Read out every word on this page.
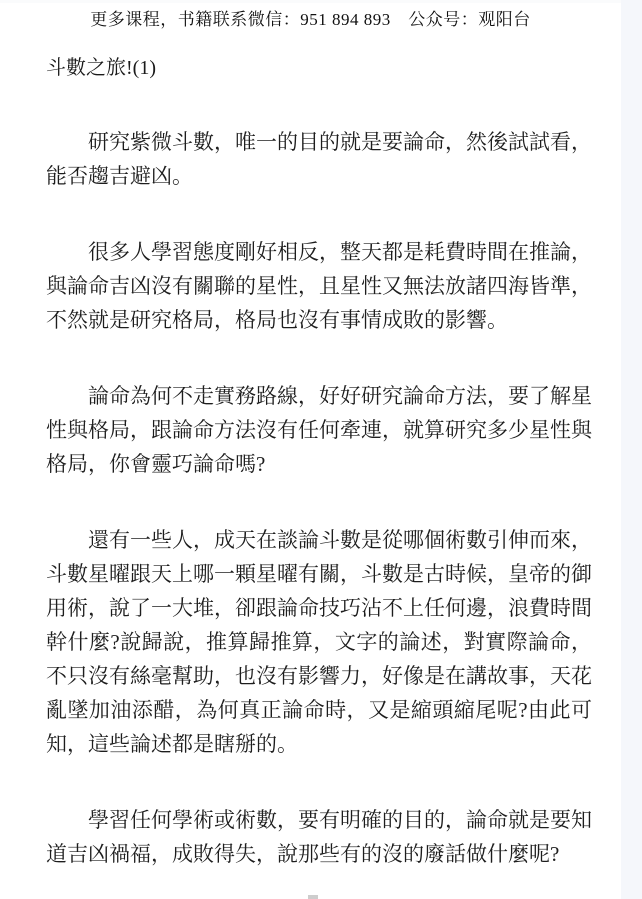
更多课程，书籍联系微信：951 894 893　公众号：观阳台
斗數之旅!(1)

研究紫微斗數，唯一的目的就是要論命，然後試試看，能否趨吉避凶。

很多人學習態度剛好相反，整天都是耗費時間在推論，與論命吉凶沒有關聯的星性，且星性又無法放諸四海皆準，不然就是研究格局，格局也沒有事情成敗的影響。

論命為何不走實務路線，好好研究論命方法，要了解星性與格局，跟論命方法沒有任何牽連，就算研究多少星性與格局，你會靈巧論命嗎?

還有一些人，成天在談論斗數是從哪個術數引伸而來，斗數星曜跟天上哪一顆星曜有關，斗數是古時候，皇帝的御用術，說了一大堆，卻跟論命技巧沾不上任何邊，浪費時間幹什麼?說歸說，推算歸推算，文字的論述，對實際論命，不只沒有絲毫幫助，也沒有影響力，好像是在講故事，天花亂墜加油添醋，為何真正論命時，又是縮頭縮尾呢?由此可知，這些論述都是瞎掰的。

學習任何學術或術數，要有明確的目的，論命就是要知道吉凶禍福，成敗得失，說那些有的沒的廢話做什麼呢?
